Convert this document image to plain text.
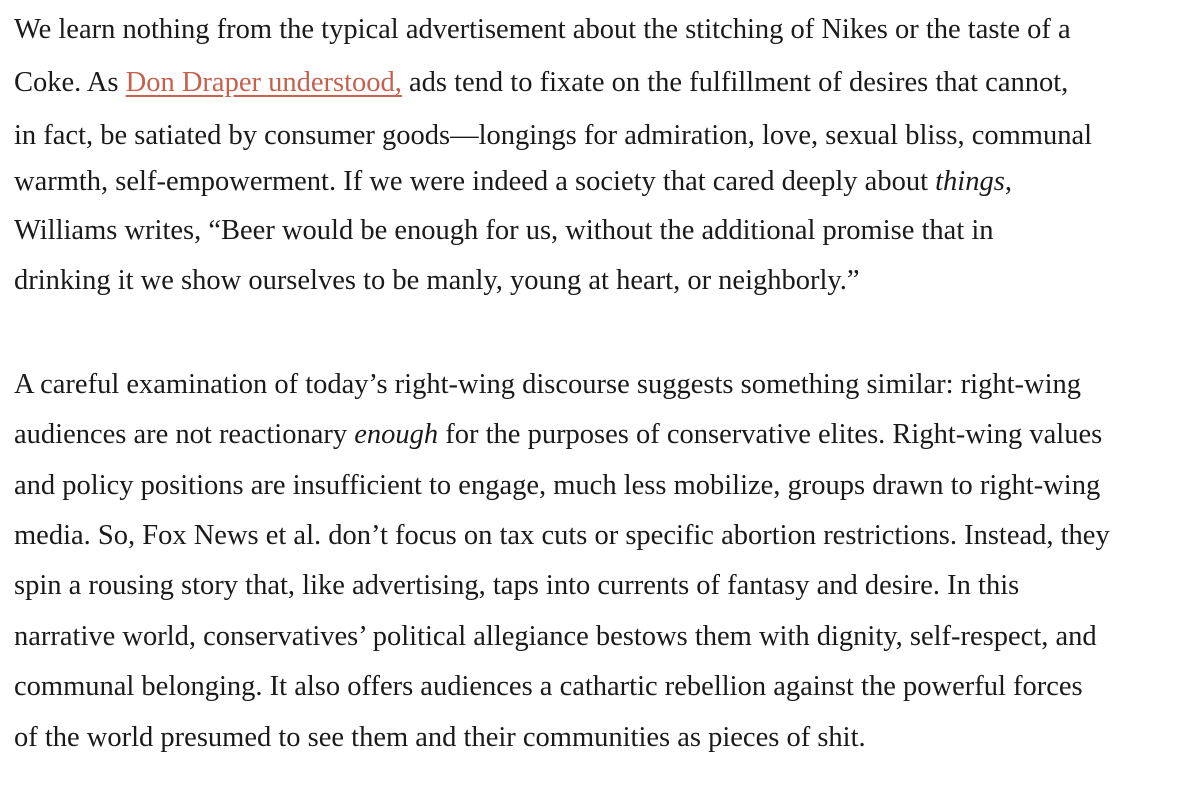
We learn nothing from the typical advertisement about the stitching of Nikes or the taste of a
Coke. As Don Draper understood, ads tend to fixate on the fulfillment of desires that cannot,
in fact, be satiated by consumer goods—longings for admiration, love, sexual bliss, communal
warmth, self-empowerment. If we were indeed a society that cared deeply about things,
Williams writes, “Beer would be enough for us, without the additional promise that in
drinking it we show ourselves to be manly, young at heart, or neighborly.”
A careful examination of today’s right-wing discourse suggests something similar: right-wing
audiences are not reactionary enough for the purposes of conservative elites. Right-wing values
and policy positions are insufficient to engage, much less mobilize, groups drawn to right-wing
media. So, Fox News et al. don’t focus on tax cuts or specific abortion restrictions. Instead, they
spin a rousing story that, like advertising, taps into currents of fantasy and desire. In this
narrative world, conservatives’ political allegiance bestows them with dignity, self-respect, and
communal belonging. It also offers audiences a cathartic rebellion against the powerful forces
of the world presumed to see them and their communities as pieces of shit.
